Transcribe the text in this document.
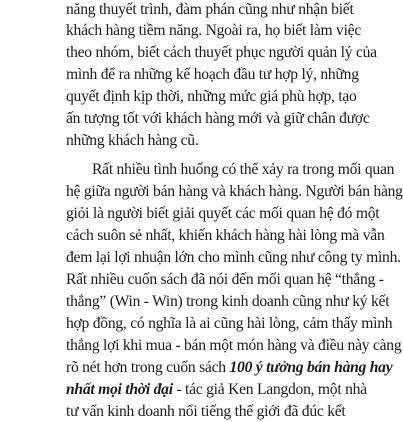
năng thuyết trình, đàm phán cũng như nhận biết
khách hàng tiềm năng. Ngoài ra, họ biết làm việc
theo nhóm, biết cách thuyết phục người quản lý của
mình để ra những kế hoạch đầu tư hợp lý, những
quyết định kịp thời, những mức giá phù hợp, tạo
ấn tượng tốt với khách hàng mới và giữ chân được
những khách hàng cũ.
Rất nhiều tình huống có thể xảy ra trong mối quan
hệ giữa người bán hàng và khách hàng. Người bán hàng
giỏi là người biết giải quyết các mối quan hệ đó một
cách suôn sẻ nhất, khiến khách hàng hài lòng mà vẫn
đem lại lợi nhuận lớn cho mình cũng như công ty mình.
Rất nhiều cuốn sách đã nói đến mối quan hệ “thắng -
thắng” (Win - Win) trong kinh doanh cũng như ký kết
hợp đồng, có nghĩa là ai cũng hài lòng, cảm thấy mình
thắng lợi khi mua - bán một món hàng và điều này càng
rõ nét hơn trong cuốn sách 100 ý tưởng bán hàng hay
nhất mọi thời đại - tác giả Ken Langdon, một nhà
tư vấn kinh doanh nổi tiếng thế giới đã đúc kết
